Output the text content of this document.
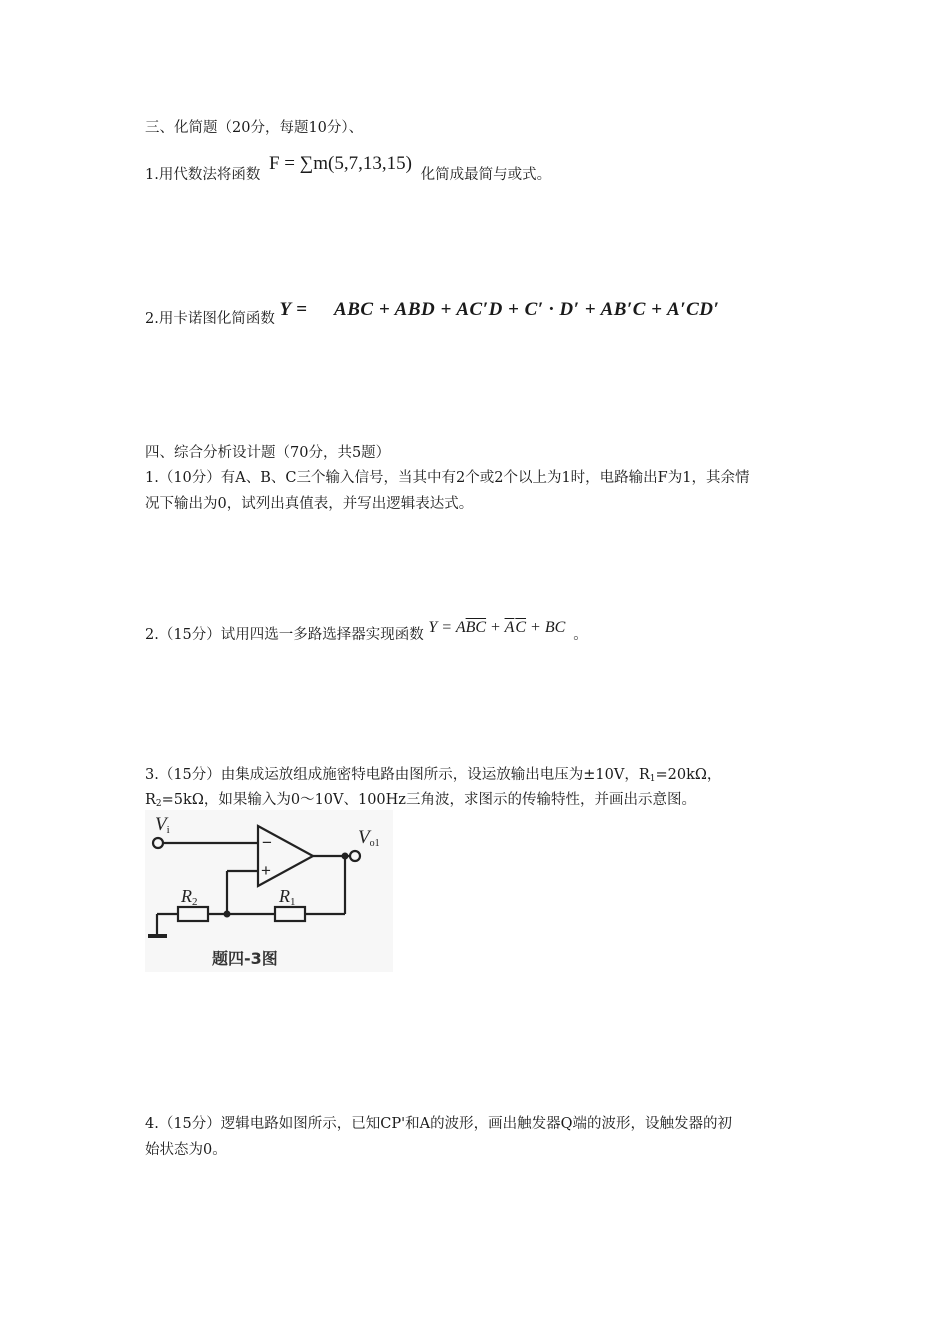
三、化简题（20分，每题10分）、
1.用代数法将函数 F = ∑m(5,7,13,15) 化简成最简与或式。
2.用卡诺图化简函数 Y = ABC + ABD + AC′D + C′ · D′ + AB′C + A′CD′
四、综合分析设计题（70分，共5题）
1.（10分）有A、B、C三个输入信号，当其中有2个或2个以上为1时，电路输出F为1，其余情
况下输出为0，试列出真值表，并写出逻辑表达式。
2.（15分）试用四选一多路选择器实现函数 $Y = A\overline{BC} + \overline{A}\overline{C}$ + BC 。
3.（15分）由集成运放组成施密特电路由图所示，设运放输出电压为±10V，$R_1=20k\Omega$，
$R_2=5k\Omega$，如果输入为0～10V、100Hz三角波，求图示的传输特性，并画出示意图。
−
+
Vi	Vo1
R2	R1
题四-3图
4.（15分）逻辑电路如图所示，已知CP'和A的波形，画出触发器Q端的波形，设触发器的初
始状态为0。
